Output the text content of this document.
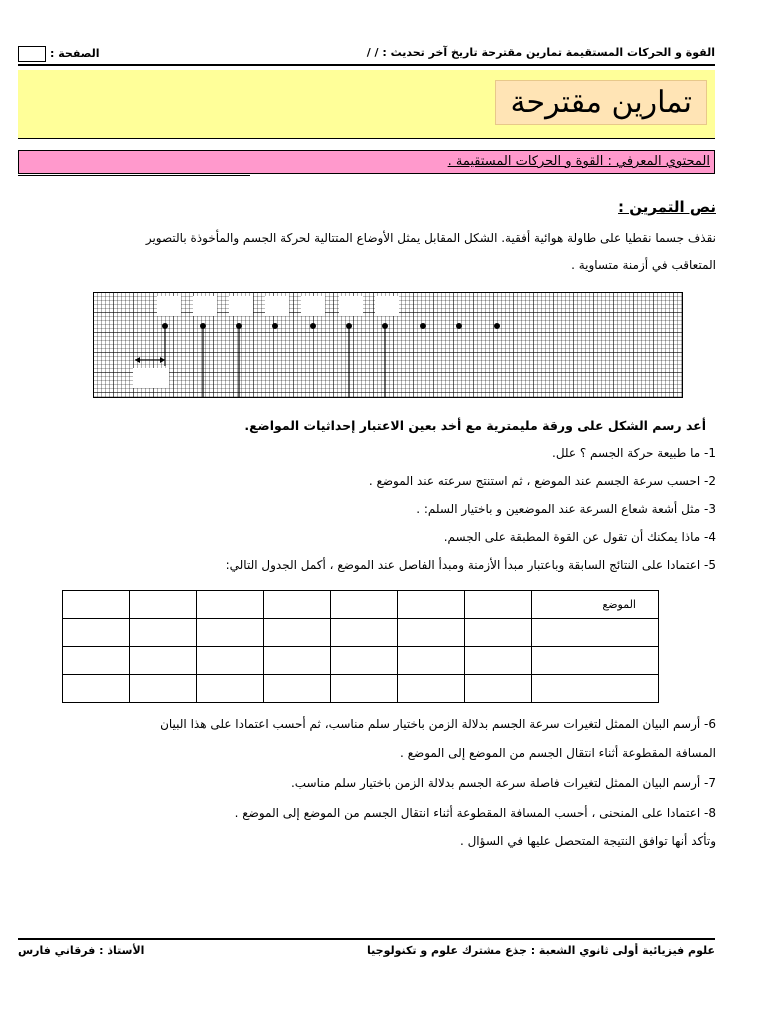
القوة و الحركات المستقيمة تمارين مقترحة تاريخ آخر تحديث : / /
الصفحة :
تمارين مقترحة
المحتوي المعرفي : القوة و الحركات المستقيمة .
نص التمرين :
نقذف جسما نقطيا على طاولة هوائية أفقية. الشكل المقابل يمثل الأوضاع المتتالية لحركة الجسم والمأخوذة بالتصوير
المتعاقب في أزمنة متساوية .
أعد رسم الشكل على ورقة مليمترية مع أخد بعين الاعتبار إحداثيات المواضع.
1- ما طبيعة حركة الجسم ؟ علل.
2- احسب سرعة الجسم عند الموضع ، ثم استنتج سرعته عند الموضع .
3- مثل أشعة شعاع السرعة عند الموضعين و باختيار السلم: .
4- ماذا يمكنك أن تقول عن القوة المطبقة على الجسم.
5- اعتمادا على النتائج السابقة وباعتبار مبدأ الأزمنة ومبدأ الفاصل عند الموضع ، أكمل الجدول التالي:
							الموضع

6- أرسم البيان الممثل لتغيرات سرعة الجسم بدلالة الزمن باختيار سلم مناسب، ثم أحسب اعتمادا على هذا البيان
المسافة المقطوعة أثناء انتقال الجسم من الموضع إلى الموضع .
7- أرسم البيان الممثل لتغيرات فاصلة سرعة الجسم بدلالة الزمن باختيار سلم مناسب.
8- اعتمادا على المنحنى ، أحسب المسافة المقطوعة أثناء انتقال الجسم من الموضع إلى الموضع .
وتأكد أنها توافق النتيجة المتحصل عليها في السؤال .
علوم فيزيائية أولى ثانوي الشعبة : جذع مشترك علوم و تكنولوجيا
الأستاذ : فرقاني فارس
